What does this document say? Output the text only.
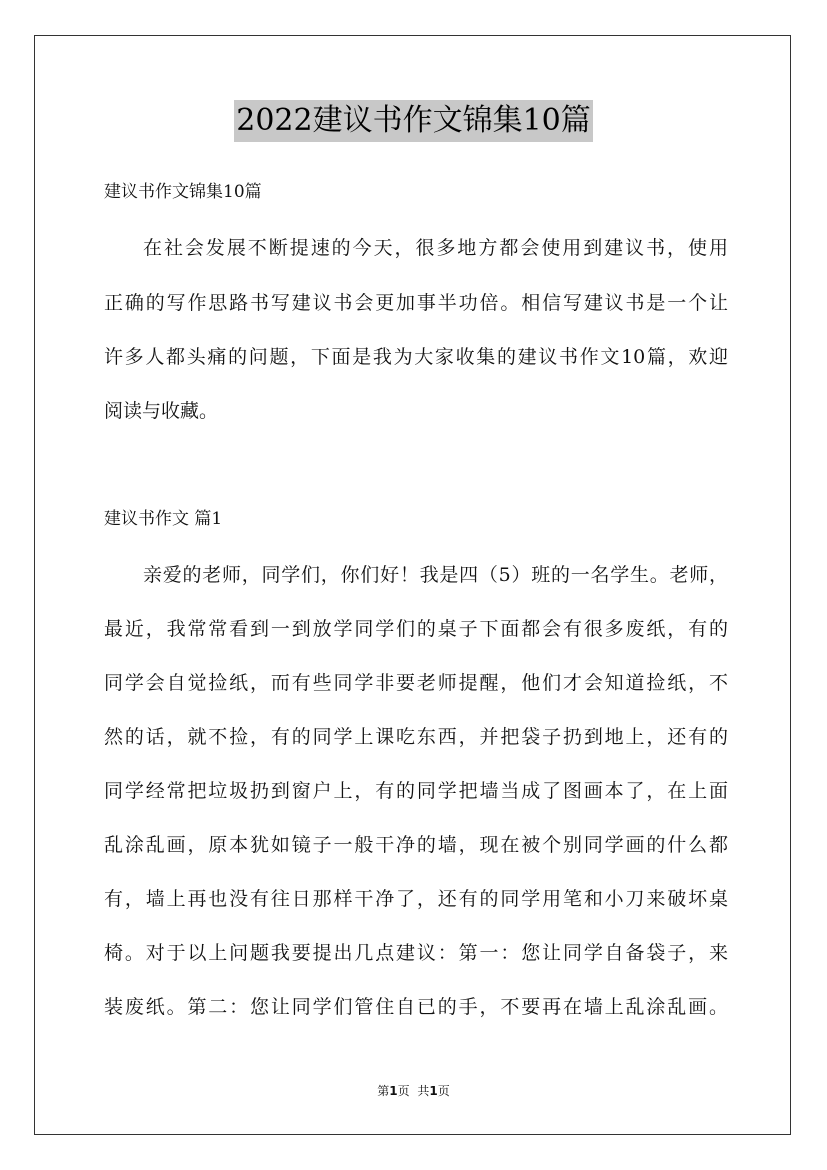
2022建议书作文锦集10篇
建议书作文锦集10篇
在社会发展不断提速的今天，很多地方都会使用到建议书，使用
正确的写作思路书写建议书会更加事半功倍。相信写建议书是一个让
许多人都头痛的问题，下面是我为大家收集的建议书作文10篇，欢迎
阅读与收藏。
建议书作文 篇1
亲爱的老师，同学们，你们好！我是四（5）班的一名学生。老师，
最近，我常常看到一到放学同学们的桌子下面都会有很多废纸，有的
同学会自觉捡纸，而有些同学非要老师提醒，他们才会知道捡纸，不
然的话，就不捡，有的同学上课吃东西，并把袋子扔到地上，还有的
同学经常把垃圾扔到窗户上，有的同学把墙当成了图画本了，在上面
乱涂乱画，原本犹如镜子一般干净的墙，现在被个别同学画的什么都
有，墙上再也没有往日那样干净了，还有的同学用笔和小刀来破坏桌
椅。对于以上问题我要提出几点建议：第一：您让同学自备袋子，来
装废纸。第二：您让同学们管住自已的手，不要再在墙上乱涂乱画。
第1页 共1页
